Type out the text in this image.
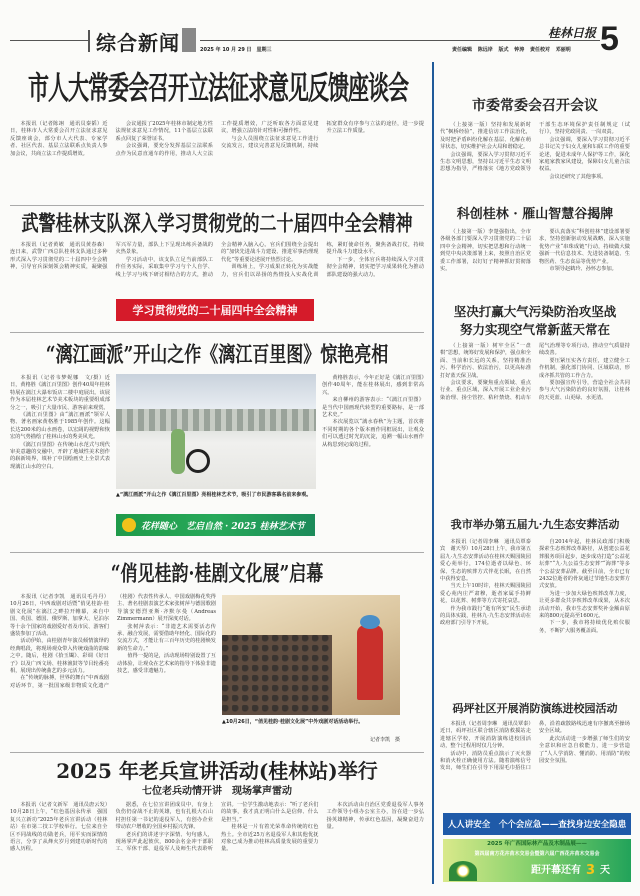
综合新闻	2025 年 10 月 29 日　星期三
桂林日报 5
责任编辑 陈远岸 版式 钟涛 责任校对 邓丽明
市人大常委会召开立法征求意见反馈座谈会

本报讯（记者陈翊　通讯员秦韬）近日，桂林市人大常委会召开立法征求意见反馈座谈会，部分市人大代表、专家学者、社区代表、基层立法联系点负责人参加会议，共商立法工作提质增效。

会议通报了2025年桂林市制定地方性法规征求意见工作情况，11个基层立法联系点回复了荣誉证书。

会议强调，要充分发挥基层立法联系点作为民意直通车的作用，推动人大立法工作提质增效，广泛听取各方面意见建议，增强立法的针对性和可操作性。

与会人员围绕立法征求意见工作进行交流发言，建议完善意见反馈机制，持续拓宽群众有序参与立法的途径，进一步提升立法工作质量。

武警桂林支队深入学习贯彻党的二十届四中全会精神

本报讯（记者黄敏　通讯员黄春森）连日来，武警广西总队桂林支队通过多种形式深入学习贯彻党的二十届四中全会精神，引导官兵深刻领会精神实质，凝聚强军兴军力量，部队上下呈现出练兵备战的火热景象。

学习活动中，该支队立足当前部队工作任务实际，采取集中学习与个人自学、线上学习与线下研讨相结合的方式，推动全会精神入脑入心。官兵们围绕全会提出的“加快先进战斗力建设、推进军事治理现代化”等重要论述展开热烈讨论。

训练场上，学习成果正转化为实战能力，官兵们以昂扬的热情投入实战化训练，紧盯使命任务，聚焦备战打仗，持续提升战斗力建设水平。

下一步，全体官兵将持续深入学习贯彻全会精神，切实把学习成果转化为推动部队建设的强大动力。

学习贯彻党的二十届四中全会精神
“漓江画派”开山之作《漓江百里图》惊艳亮相

本报讯（记者韦梦妮娜　文/摄）近日，黄格胜《漓江百里图》创作40周年桂林特展在漓江大瀑布饭店二楼中庭展出。该展作为本届桂林艺术节美术板块的重要组成部分之一，吸引了大量市民、游客前来观赏。

《漓江百里图》由“漓江画派”领军人物、著名画家黄格胜于1985年创作。这幅长达200米的山水画卷，以宏阔的视野和恢宏的气势描绘了桂林山水的秀美风光。

《漓江百里图》在传统山水范式与现代审美意趣的交融中，开辟了地域性美术创作的崭新境界，填补了中国绘画史上全景式表现漓江山水的空白。

黄格胜表示，今年正好是《漓江百里图》创作40周年，能在桂林展出，感到非常高兴。

来自柳州的游客表示：“《漓江百里图》是当代中国画现代转型的重要路标，是一部艺术史。”

本次展览以“漓水春秋”为主题，首次将不同时期的各个版本画作同框展出，让观众们可以透过时光的沉淀，追溯一幅山水画作从构思到完成的过程。

▲“漓江画派”开山之作《漓江百里图》亮相桂林艺术节，吸引了市民游客慕名前来参观。
花样随心　艺启自然 · 2025 桂林艺术节
“俏见桂韵·桂剧文化展”启幕

本报讯（记者李凯　通讯员毛丹丹）10月26日，中西戏剧对话暨“俏见桂韵·桂剧文化展”在漓江之畔拉开帷幕，来自中国、英国、德国、俄罗斯、加拿大、尼泊尔等十余个国家的戏剧爱好者及市民、游客们盛装参加了活动。

活动伊始，由桂剧青年演员倾情演绎的经典唱段，将现场观众带入传统戏曲的韵味之中。随后，桂剧《拾玉镯》、彩调《好日子》以及广西文场、桂林渔鼓等节目轮番亮相，展现出传统曲艺的多元活力。

在“传统的脉搏，世界的舞台”中西戏剧对话环节，第一批国家级非物质文化遗产（桂剧）代表性传承人、中国戏剧梅花奖得主、著名桂剧表演艺术家张树萍与德国歌剧导演安德烈亚斯·齐默尔曼（Andreas Zimmermann）展开深度对话。

张树萍表示：“非遗艺术需要活态传承、融合发展，需要借助年轻化、国际化的交流方式，才能让有三百年历史的桂剧焕发新的生命力。”

值得一提的是，活动现场特别设置了互动体验，让观众在艺术家的指导下体验非遗技艺，感受非遗魅力。

▲10月26日，“俏见桂韵·桂剧文化展”中外戏剧对话活动举行。
记者李凯　摄
2025 年老兵宣讲活动(桂林站)举行
七位老兵动情开讲　现场掌声雷动

本报讯（记者文新军　通讯员唐云发）10月28日上午，“红色基因永传承　强国复兴立新功”2025年老兵宣讲活动（桂林站）在市第二技工学校举行。七位来自全区不同战线的功勋老兵，用平实而深情的语言，分享了从烽火岁月到建功新时代的感人历程。

据悉，在七位宣讲团成员中，有身上负伤仍奋战不止的英雄，也有扎根大石山村担任第一书记的退役军人，有创办企业带动农户增收的全国乡村振兴先锋。

老兵们的讲述字字深情、句句感人，现场掌声此起彼伏，800余名金冲干部职工、军休干部、退役军人及师生代表聆听宣讲。一位学生激动地表示：“听了老兵们的故事，我才真正明白什么是信仰、什么是担当。”

桂林是一片有着光荣革命传统的红色热土。全市近25万名退役军人和其他优抚对象已成为推动桂林高质量发展的重要力量。

本次活动由自治区党委退役军人事务工作领导小组办公室主办，旨在进一步弘扬英雄精神，传承红色基因，凝聚奋进力量。

市委常委会召开会议

（上接第一版）坚持和发展新时代“枫桥经验”，推进信访工作法治化，及时把矛盾纠纷化解在基层、化解在萌芽状态，切实维护社会大局和谐稳定。

会议强调，要深入学习贯彻习近平生态文明思想，坚持以习近平生态文明思想为指导，严格落实《地方党政领导干部生态环境保护责任制规定（试行）》，坚持党政同责、一岗双责。

会议强调，要深入学习贯彻习近平总书记关于妇女儿童和妇联工作的重要论述，促进未成年人保护等工作，深化家庭家教家风建设，保障妇女儿童合法权益。

会议还研究了其他事项。

科创桂林 · 雁山智慧谷揭牌

（上接第一版）李楚强指出，全市各级各部门要深入学习贯彻党的二十届四中全会精神，切实把思想和行动统一到党中央决策部署上来，按照自治区党委工作部署，以钉钉子精神抓好贯彻落实。

要认真落实“科创桂林”建设部署要求，坚持创新驱动发展战略，深入实施优势产业“串珠成链”行动，持续做大做强新一代信息技术、先进装备制造、生物医药、生态食品等优势产业。

市领导赵鹤玲、孙怀志参加。

坚决打赢大气污染防治攻坚战
努力实现空气常新蓝天常在

（上接第一版）树牢全区“一盘棋”思想，统筹好发展和保护，强点和全面、当前和长远的关系，坚持精准治污、科学治污、依法治污，以更高标准打好蓝天保卫战。

会议要求，要聚焦重点领域、重点行业、重点区域，深入开展工业企业污染治理、扬尘管控、秸秆禁烧、机动车尾气治理等专项行动，推动空气质量持续改善。

要压紧压实各方责任，建立健全工作机制，强化部门协同、区域联动，形成齐抓共管的工作合力。

要加强宣传引导，营造全社会共同参与大气污染防治的良好氛围，让桂林的天更蓝、山更绿、水更清。

我市举办第五届九·九生态安葬活动

本报讯（记者周李琳　通讯员覃泰宾　谢天琴）10月28日上午，我市第五届九·九生态安葬活动在桂林天赐园陵园爱心苑举行，174位逝者以绿色、环保、生态的殡葬方式伴花长眠，在自然中获得安息。

当天上午10时许，桂林天赐园陵园爱心苑内庄严肃穆，逝者家属手持鲜花，以花葬、树葬等方式寄托哀思。

作为我市践行“逝有所安”民生承诺的具体实践，桂林九·九生态安葬活动在政府部门引导下开展。

自2014年起，桂林民政部门积极探索生态殡葬改革路径，从创建公益花葬服务项目起步，逐步成功打造“公益花坛葬”“九·九公益生态安葬”“海葬”等多个公益安葬品牌。截至目前，全市已有2432位逝者的骨灰通过节地生态安葬方式安放。

为进一步加大绿色殡葬改革力度，让更多群众共享殡葬改革成果，从本次活动开始，我市生态安葬奖补金额由原来的800元提高至1600元。

下一步，我市将持续优化殡仪服务，不断扩大服务覆盖面。

码坪社区开展消防演练进校园活动

本报讯（记者周李琳　通讯员覃泰）近日，码坪社区联合辖区消防救援站走进辖区学校，开展消防演练进校园活动，整个过程用时仅几分钟。

活动中，消防员重点演示了灭火器和消火栓正确使用方法。随着演练信号发出，师生们在引导下用湿毛巾捂住口鼻，沿着疏散路线迅速有序撤离至操场安全区域。

此次活动进一步增强了师生们的安全意识和应急自救能力，进一步营造了“人人学消防、懂消防、用消防”的校园安全氛围。

人人讲安全　个个会应急——查找身边安全隐患
2025 年广西国际林产品及木制品展——
第四届南方花卉苗木交易会暨第六届广西花卉苗木交易会
距开幕还有 3 天
